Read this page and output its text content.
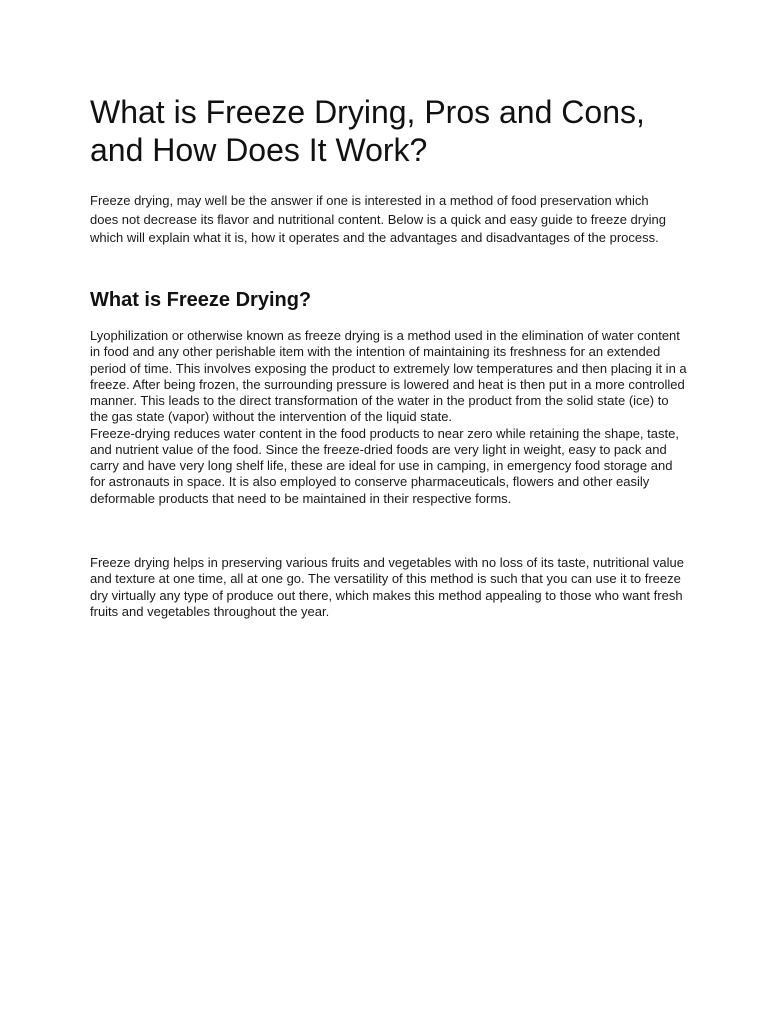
What is Freeze Drying, Pros and Cons, and How Does It Work?

Freeze drying, may well be the answer if one is interested in a method of food preservation which does not decrease its flavor and nutritional content. Below is a quick and easy guide to freeze drying which will explain what it is, how it operates and the advantages and disadvantages of the process.

What is Freeze Drying?

Lyophilization or otherwise known as freeze drying is a method used in the elimination of water content in food and any other perishable item with the intention of maintaining its freshness for an extended period of time. This involves exposing the product to extremely low temperatures and then placing it in a freeze. After being frozen, the surrounding pressure is lowered and heat is then put in a more controlled manner. This leads to the direct transformation of the water in the product from the solid state (ice) to the gas state (vapor) without the intervention of the liquid state.

Freeze-drying reduces water content in the food products to near zero while retaining the shape, taste, and nutrient value of the food. Since the freeze-dried foods are very light in weight, easy to pack and carry and have very long shelf life, these are ideal for use in camping, in emergency food storage and for astronauts in space. It is also employed to conserve pharmaceuticals, flowers and other easily deformable products that need to be maintained in their respective forms.

Freeze drying helps in preserving various fruits and vegetables with no loss of its taste, nutritional value and texture at one time, all at one go. The versatility of this method is such that you can use it to freeze dry virtually any type of produce out there, which makes this method appealing to those who want fresh fruits and vegetables throughout the year.
